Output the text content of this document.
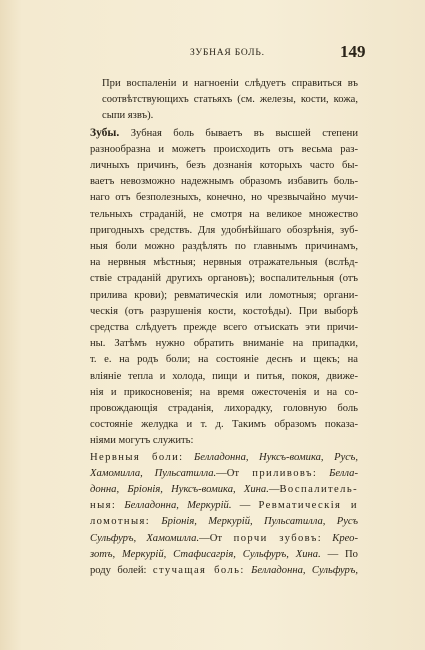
ЗУБНАЯ БОЛЬ.	149

При воспаленіи и нагноеніи слѣдуетъ справиться въ
соотвѣтствующихъ статьяхъ (см. железы, кости, кожа,
сыпи язвъ).

Зубы. Зубная боль бываетъ въ высшей степени
разнообразна и можетъ происходить отъ весьма раз-
личныхъ причинъ, безъ дознанія которыхъ часто бы-
ваетъ невозможно надежнымъ образомъ избавить боль-
наго отъ безполезныхъ, конечно, но чрезвычайно мучи-
тельныхъ страданій, не смотря на великое множество
пригодныхъ средствъ. Для удобнѣйшаго обозрѣнія, зуб-
ныя боли можно раздѣлять по главнымъ причинамъ,
на нервныя мѣстныя; нервныя отражательныя (вслѣд-
ствіе страданій другихъ органовъ); воспалительныя (отъ
прилива крови); ревматическія или ломотныя; органи-
ческія (отъ разрушенія кости, костоѣды). При выборѣ
средства слѣдуетъ прежде всего отъискать эти причи-
ны. Затѣмъ нужно обратить вниманіе на припадки,
т. е. на родъ боли; на состояніе деснъ и щекъ; на
вліяніе тепла и холода, пищи и питья, покоя, движе-
нія и прикосновенія; на время ожесточенія и на со-
провождающія страданія, лихорадку, головную боль
состояніе желудка и т. д. Такимъ образомъ показа-
ніями могутъ служить:

Нервныя боли: Белладонна, Нуксъ-вомика, Русъ,
Хамомилла, Пульсатилла.—От приливовъ: Белла-
донна, Бріонія, Нуксъ-вомика, Хина.—Воспалитель-
ныя: Белладонна, Меркурій. — Ревматическія и
ломотныя: Бріонія, Меркурій, Пульсатилла, Русъ
Сульфуръ, Хамомилла.—От порчи зубовъ: Крео-
зотъ, Меркурій, Стафисагрія, Сульфуръ, Хина. — По
роду болей: стучащая боль: Белладонна, Сульфуръ,
